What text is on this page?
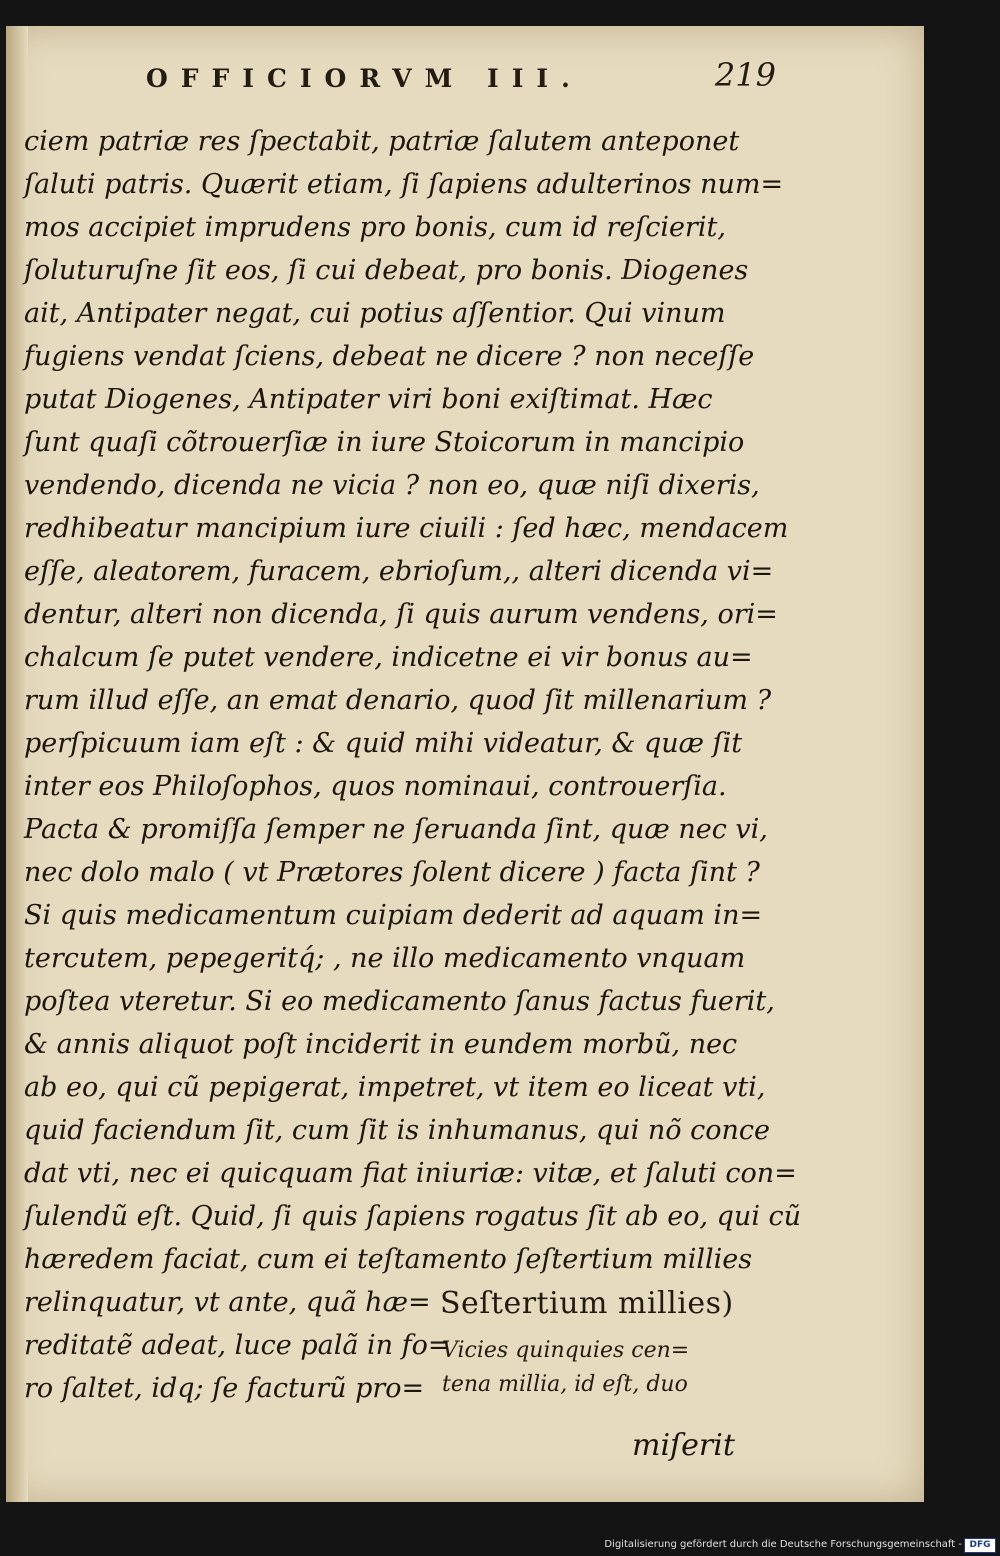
OFFICIORVM III.	219
ciem patriæ res ſpectabit, patriæ ſalutem anteponet
ſaluti patris. Quærit etiam, ſi ſapiens adulterinos num=
mos accipiet imprudens pro bonis, cum id reſcierit,
ſoluturuſne ſit eos, ſi cui debeat, pro bonis. Diogenes
ait, Antipater negat, cui potius aſſentior. Qui vinum
fugiens vendat ſciens, debeat ne dicere ? non neceſſe
putat Diogenes, Antipater viri boni exiſtimat. Hæc
ſunt quaſi cõtrouerſiæ in iure Stoicorum in mancipio
vendendo, dicenda ne vicia ? non eo, quæ niſi dixeris,
redhibeatur mancipium iure ciuili : ſed hæc, mendacem
eſſe, aleatorem, furacem, ebrioſum,, alteri dicenda vi=
dentur, alteri non dicenda, ſi quis aurum vendens, ori=
chalcum ſe putet vendere, indicetne ei vir bonus au=
rum illud eſſe, an emat denario, quod ſit millenarium ?
perſpicuum iam eſt : & quid mihi videatur, & quæ ſit
inter eos Philoſophos, quos nominaui, controuerſia.
Pacta & promiſſa ſemper ne ſeruanda ſint, quæ nec vi,
nec dolo malo ( vt Prætores ſolent dicere ) facta ſint ?
Si quis medicamentum cuipiam dederit ad aquam in=
tercutem, pepegeritq́; , ne illo medicamento vnquam
poſtea vteretur. Si eo medicamento ſanus factus fuerit,
& annis aliquot poſt inciderit in eundem morbũ, nec
ab eo, qui cũ pepigerat, impetret, vt item eo liceat vti,
quid faciendum ſit, cum ſit is inhumanus, qui nõ conce
dat vti, nec ei quicquam fiat iniuriæ: vitæ, et ſaluti con=
ſulendũ eſt. Quid, ſi quis ſapiens rogatus ſit ab eo, qui cũ
hæredem faciat, cum ei teſtamento ſeſtertium millies
relinquatur, vt ante, quã hæ=
reditatẽ adeat, luce palã in fo=
ro ſaltet, idq; ſe facturũ pro=
Seſtertium millies)
Vicies quinquies cen=
tena millia, id eſt, duo
miſerit
Digitalisierung gefördert durch die Deutsche Forschungsgemeinschaft - DFG
